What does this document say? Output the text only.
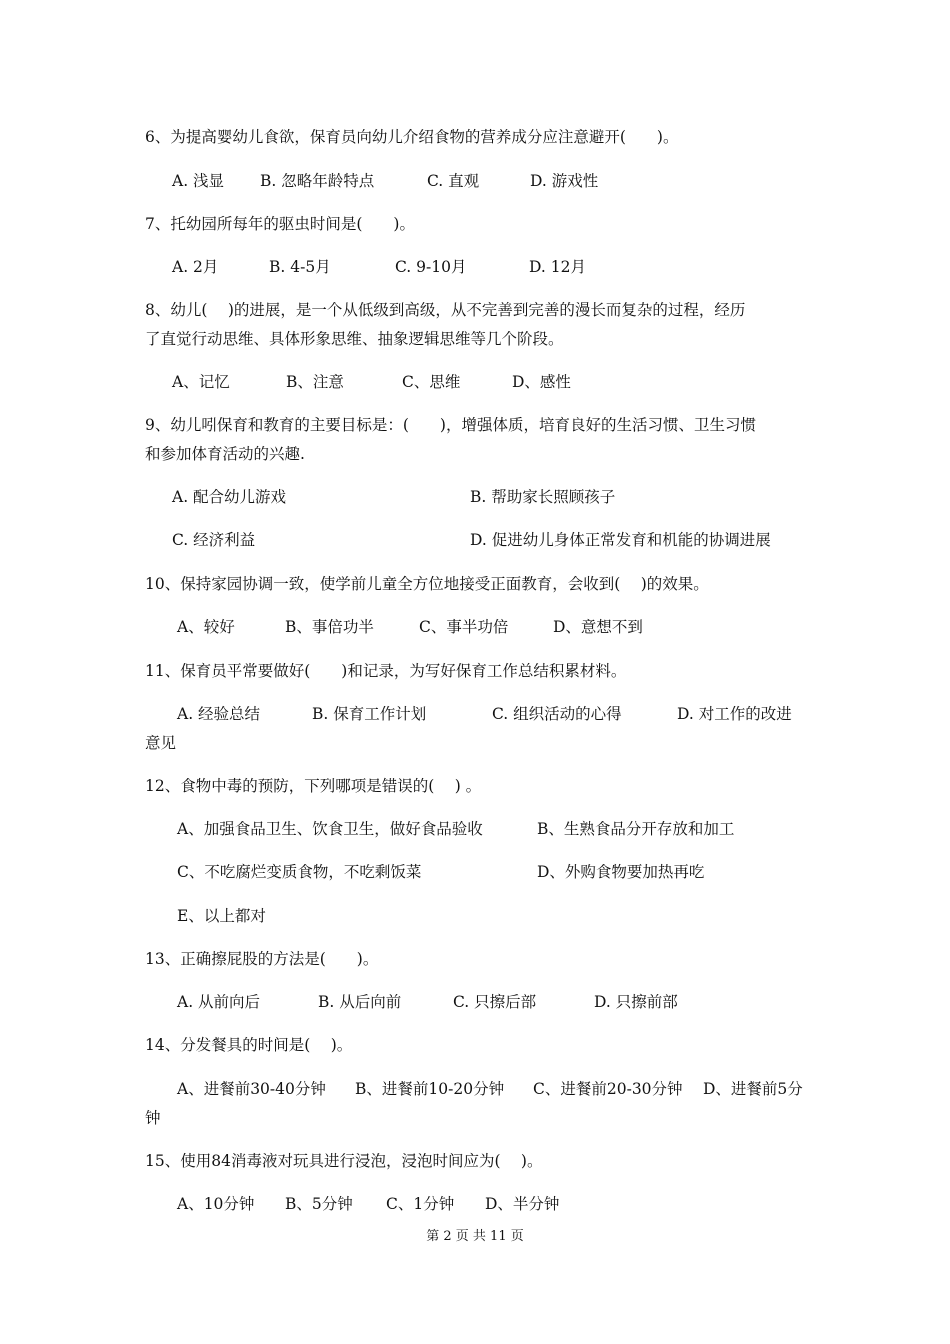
6、为提高婴幼儿食欲，保育员向幼儿介绍食物的营养成分应注意避开(　　)。
A. 浅显 B. 忽略年龄特点	C. 直观	D. 游戏性
7、托幼园所每年的驱虫时间是(　　)。
A. 2月	B. 4-5月	C. 9-10月	D. 12月
8、幼儿(　 )的进展，是一个从低级到高级，从不完善到完善的漫长而复杂的过程，经历
了直觉行动思维、具体形象思维、抽象逻辑思维等几个阶段。
A、记忆	B、注意	C、思维	D、感性
9、幼儿吲保育和教育的主要目标是：(　　)，增强体质，培育良好的生活习惯、卫生习惯
和参加体育活动的兴趣.
A. 配合幼儿游戏	B. 帮助家长照顾孩子
C. 经济利益	D. 促进幼儿身体正常发育和机能的协调进展
10、保持家园协调一致，使学前儿童全方位地接受正面教育，会收到(　 )的效果。
A、较好	B、事倍功半	C、事半功倍	D、意想不到
11、保育员平常要做好(　　)和记录，为写好保育工作总结积累材料。
A. 经验总结	B. 保育工作计划	C. 组织活动的心得	D. 对工作的改进
意见
12、食物中毒的预防，下列哪项是错误的(　 ) 。
A、加强食品卫生、饮食卫生，做好食品验收	B、生熟食品分开存放和加工
C、不吃腐烂变质食物，不吃剩饭菜	D、外购食物要加热再吃
E、以上都对
13、正确擦屁股的方法是(　　)。
A. 从前向后	B. 从后向前	C. 只擦后部	D. 只擦前部
14、分发餐具的时间是(　 )。
A、进餐前30-40分钟 B、进餐前10-20分钟 C、进餐前20-30分钟 D、进餐前5分
钟
15、使用84消毒液对玩具进行浸泡，浸泡时间应为(　 )。
A、10分钟 B、5分钟 C、1分钟 D、半分钟
第 2 页 共 11 页
